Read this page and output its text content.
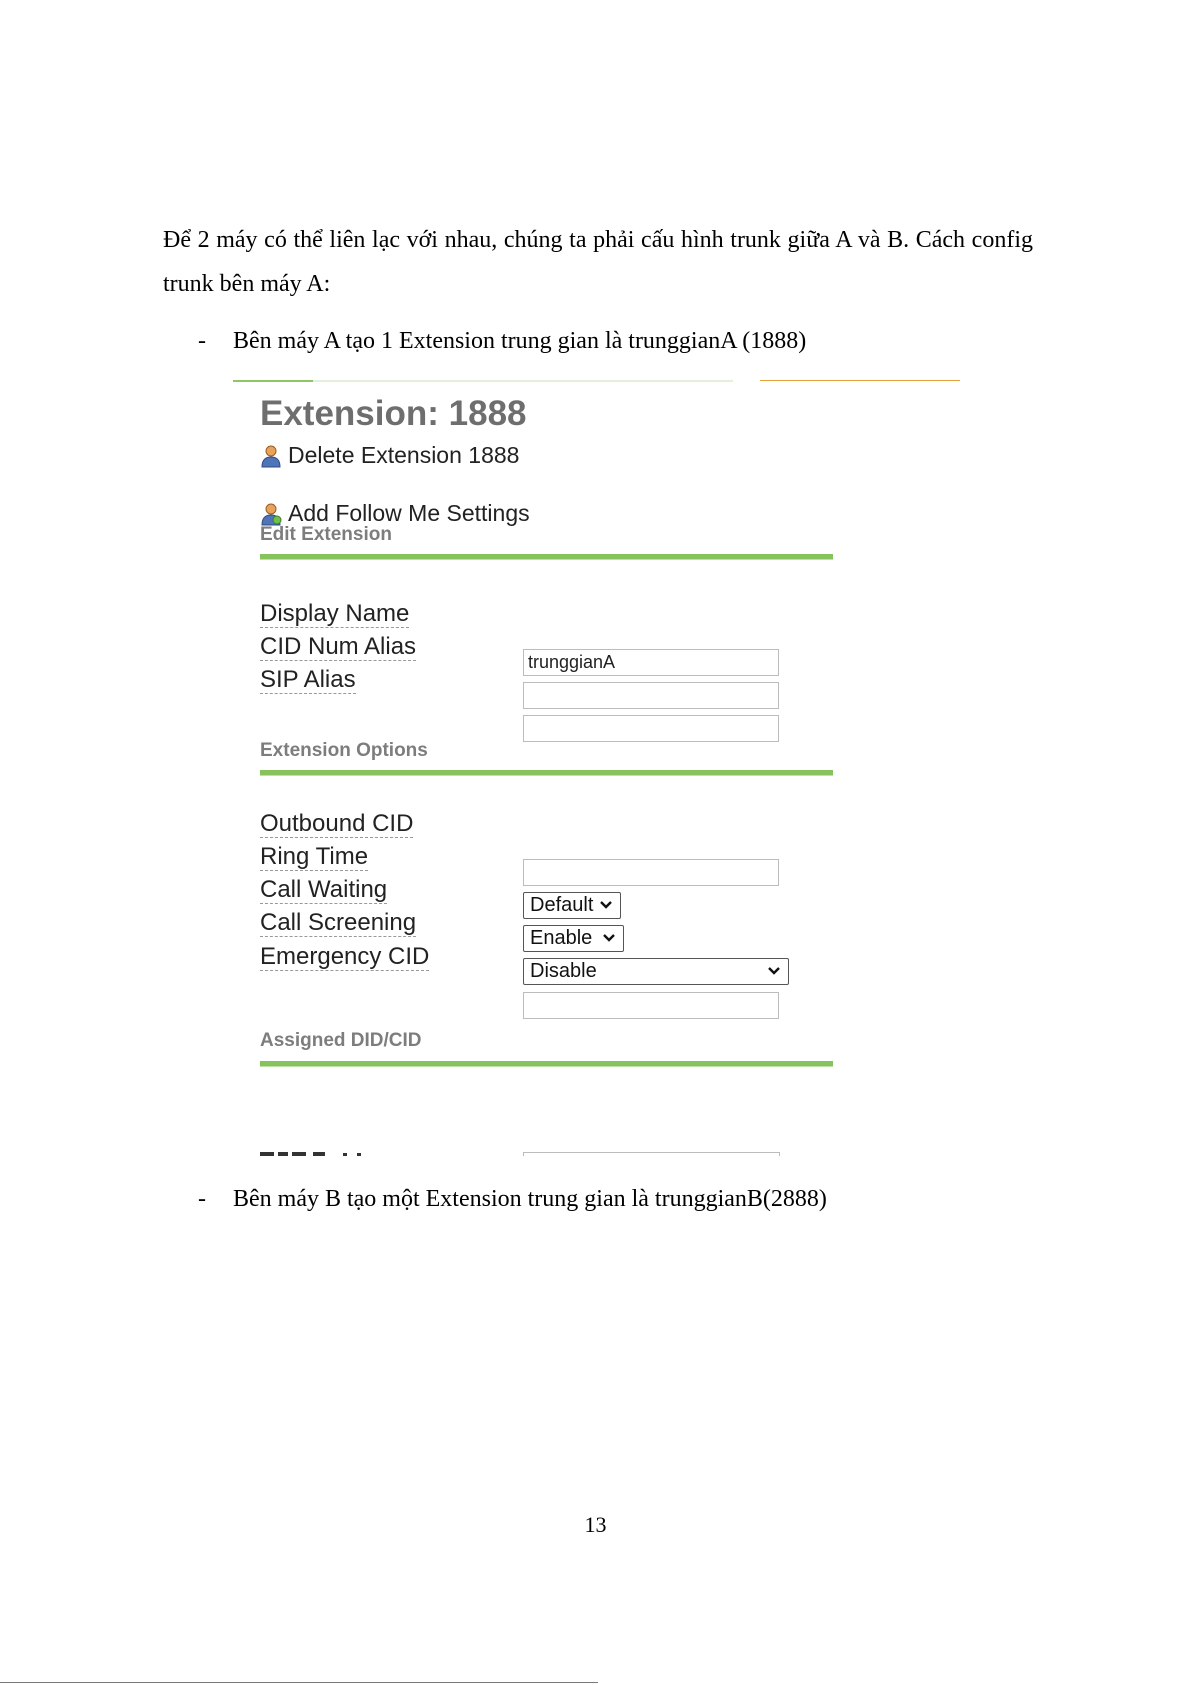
Để 2 máy có thể liên lạc với nhau, chúng ta phải cấu hình trunk giữa A và B. Cách config trunk bên máy A:
- Bên máy A tạo 1 Extension trung gian là trunggianA (1888)
Extension: 1888
Delete Extension 1888
Add Follow Me Settings
Edit Extension
Display Name
trunggianA
CID Num Alias
SIP Alias
Extension Options
Outbound CID
Ring Time
Default
Call Waiting
Enable
Call Screening
Disable
Emergency CID
Assigned DID/CID
- Bên máy B tạo một Extension trung gian là trunggianB(2888)
13
